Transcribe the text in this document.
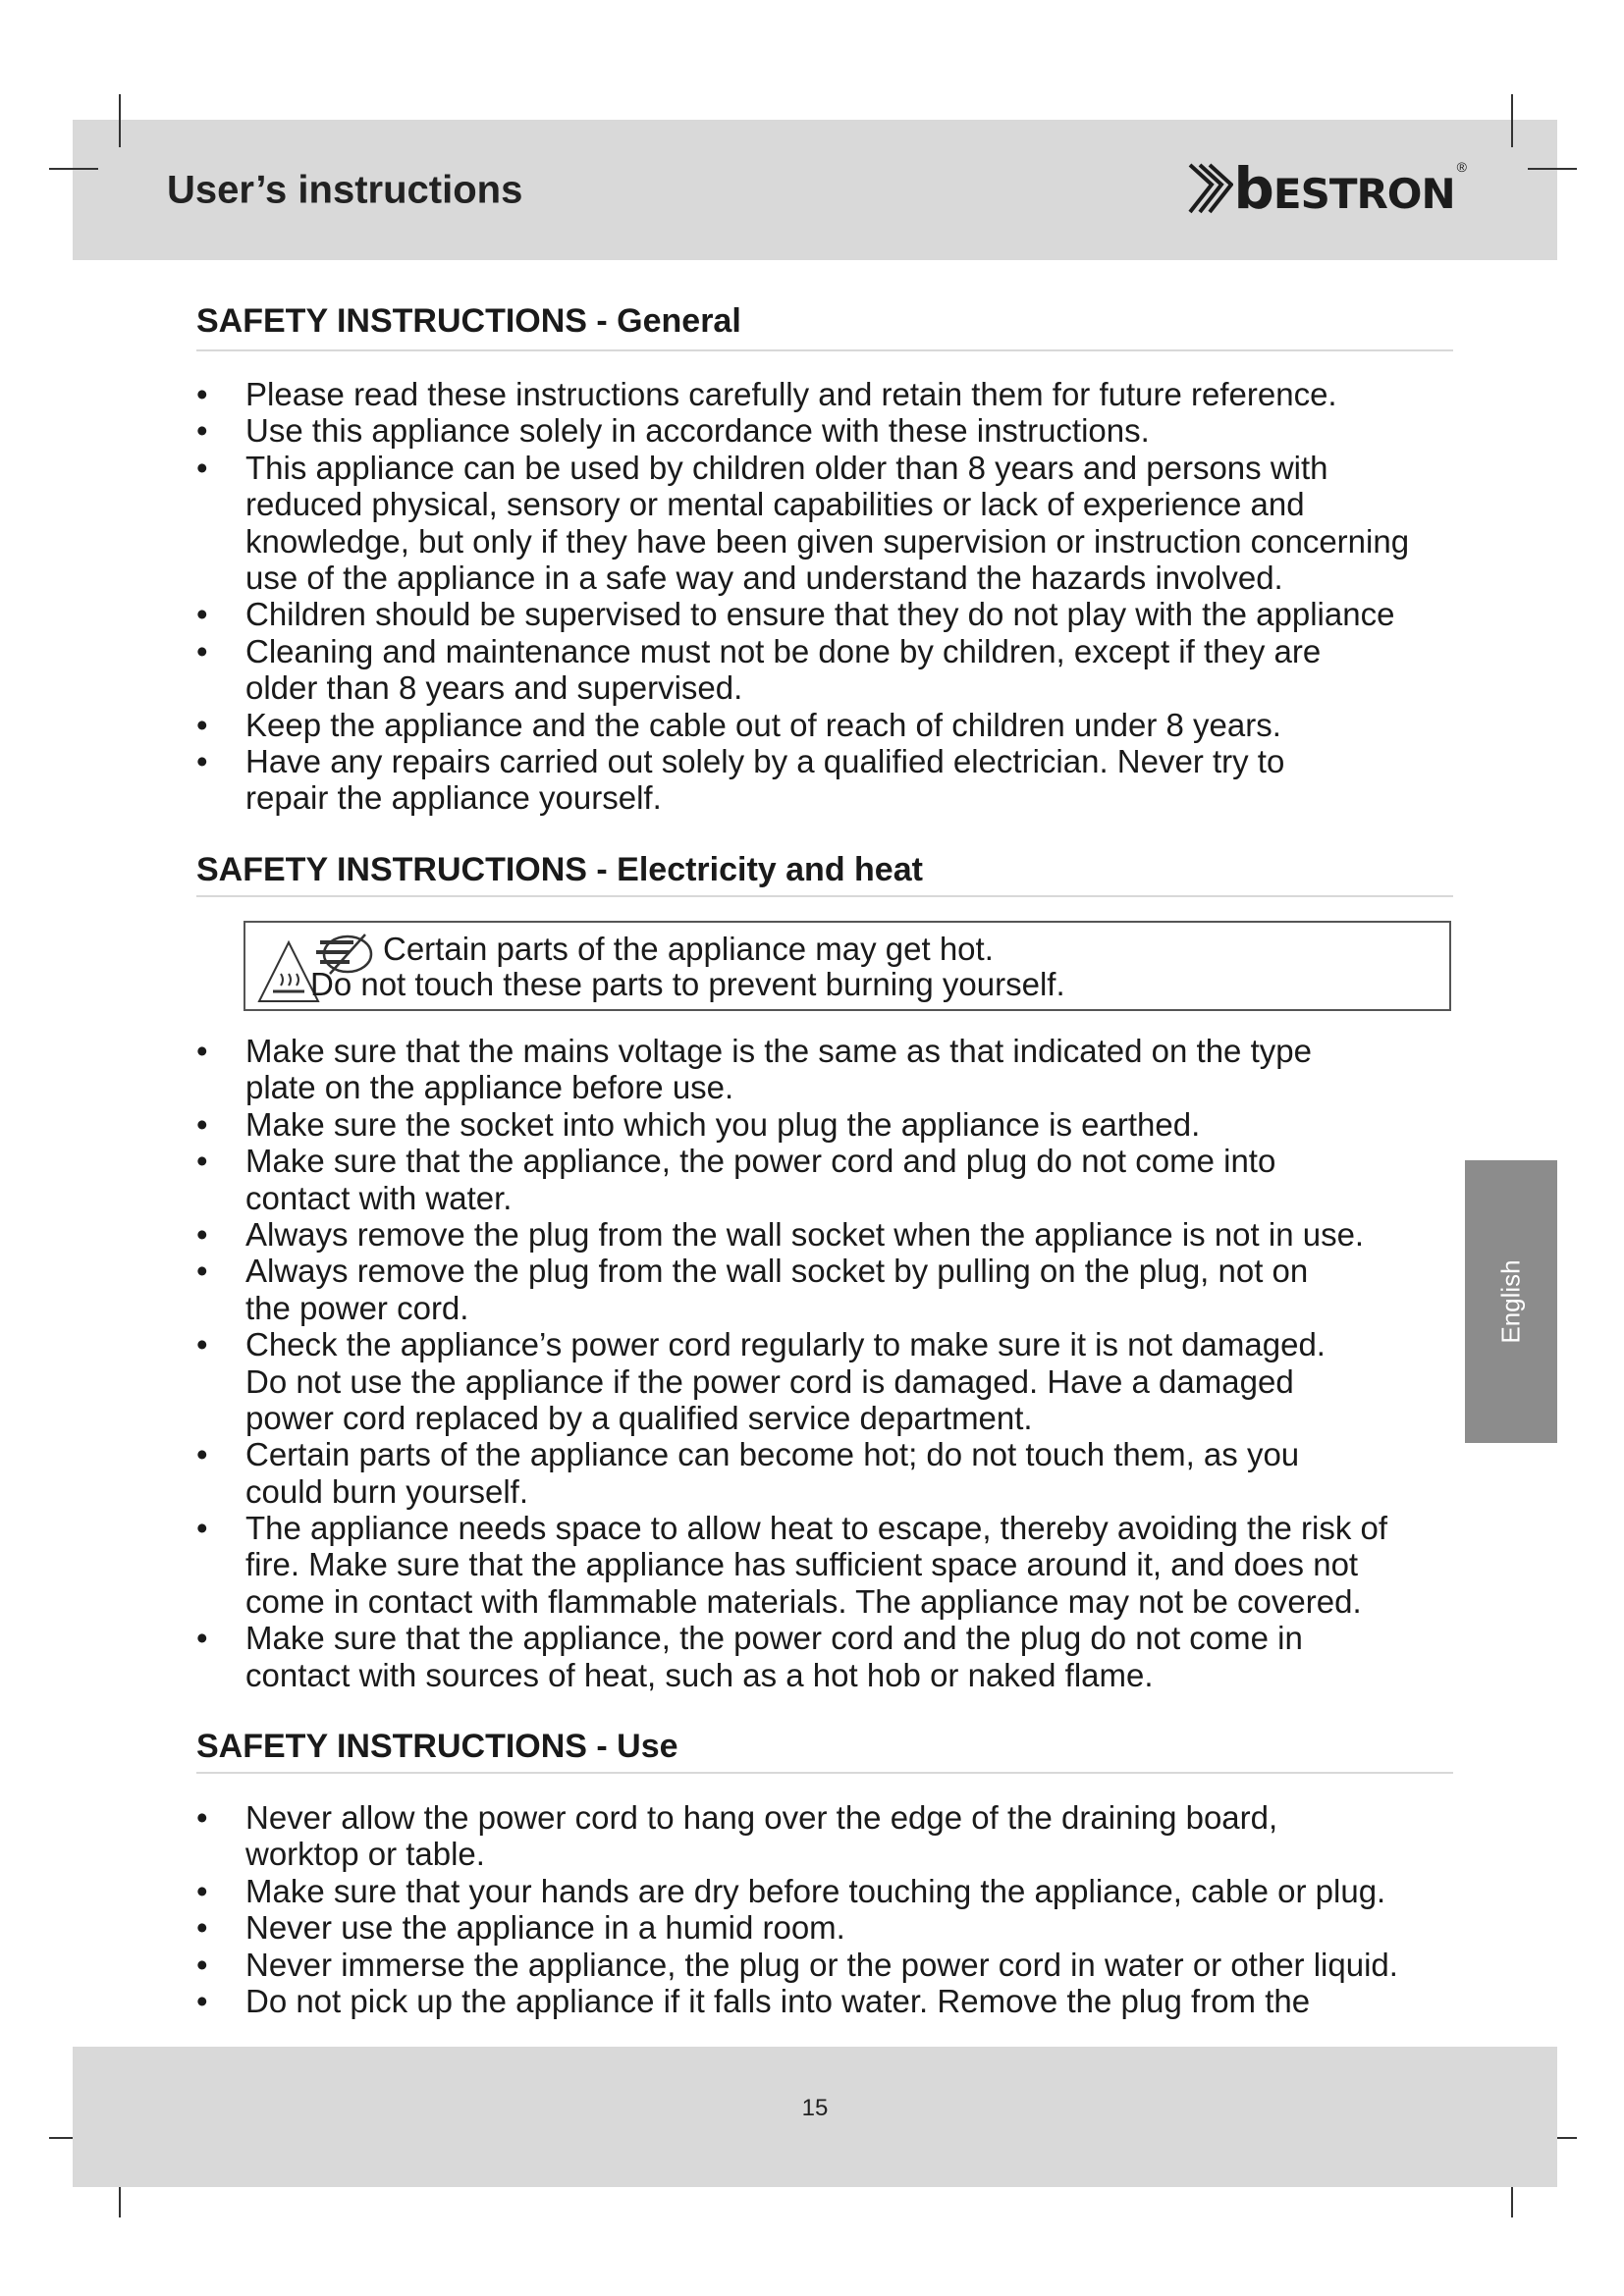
User’s instructions	bESTRON
®
SAFETY INSTRUCTIONS - General
• Please read these instructions carefully and retain them for future reference.
• Use this appliance solely in accordance with these instructions.
• This appliance can be used by children older than 8 years and persons with
reduced physical, sensory or mental capabilities or lack of experience and
knowledge, but only if they have been given supervision or instruction concerning
use of the appliance in a safe way and understand the hazards involved.
• Children should be supervised to ensure that they do not play with the appliance
• Cleaning and maintenance must not be done by children, except if they are
older than 8 years and supervised.
• Keep the appliance and the cable out of reach of children under 8 years.
• Have any repairs carried out solely by a qualified electrician. Never try to
repair the appliance yourself.
SAFETY INSTRUCTIONS - Electricity and heat
Certain parts of the appliance may get hot.
Do not touch these parts to prevent burning yourself.
• Make sure that the mains voltage is the same as that indicated on the type
plate on the appliance before use.
• Make sure the socket into which you plug the appliance is earthed.
• Make sure that the appliance, the power cord and plug do not come into
contact with water.
• Always remove the plug from the wall socket when the appliance is not in use.
• Always remove the plug from the wall socket by pulling on the plug, not on
the power cord.
• Check the appliance’s power cord regularly to make sure it is not damaged.
Do not use the appliance if the power cord is damaged. Have a damaged
power cord replaced by a qualified service department.
• Certain parts of the appliance can become hot; do not touch them, as you
could burn yourself.
• The appliance needs space to allow heat to escape, thereby avoiding the risk of
fire. Make sure that the appliance has sufficient space around it, and does not
come in contact with flammable materials. The appliance may not be covered.
• Make sure that the appliance, the power cord and the plug do not come in
contact with sources of heat, such as a hot hob or naked flame.
SAFETY INSTRUCTIONS - Use
• Never allow the power cord to hang over the edge of the draining board,
worktop or table.
• Make sure that your hands are dry before touching the appliance, cable or plug.
• Never use the appliance in a humid room.
• Never immerse the appliance, the plug or the power cord in water or other liquid.
• Do not pick up the appliance if it falls into water. Remove the plug from the
English
15
